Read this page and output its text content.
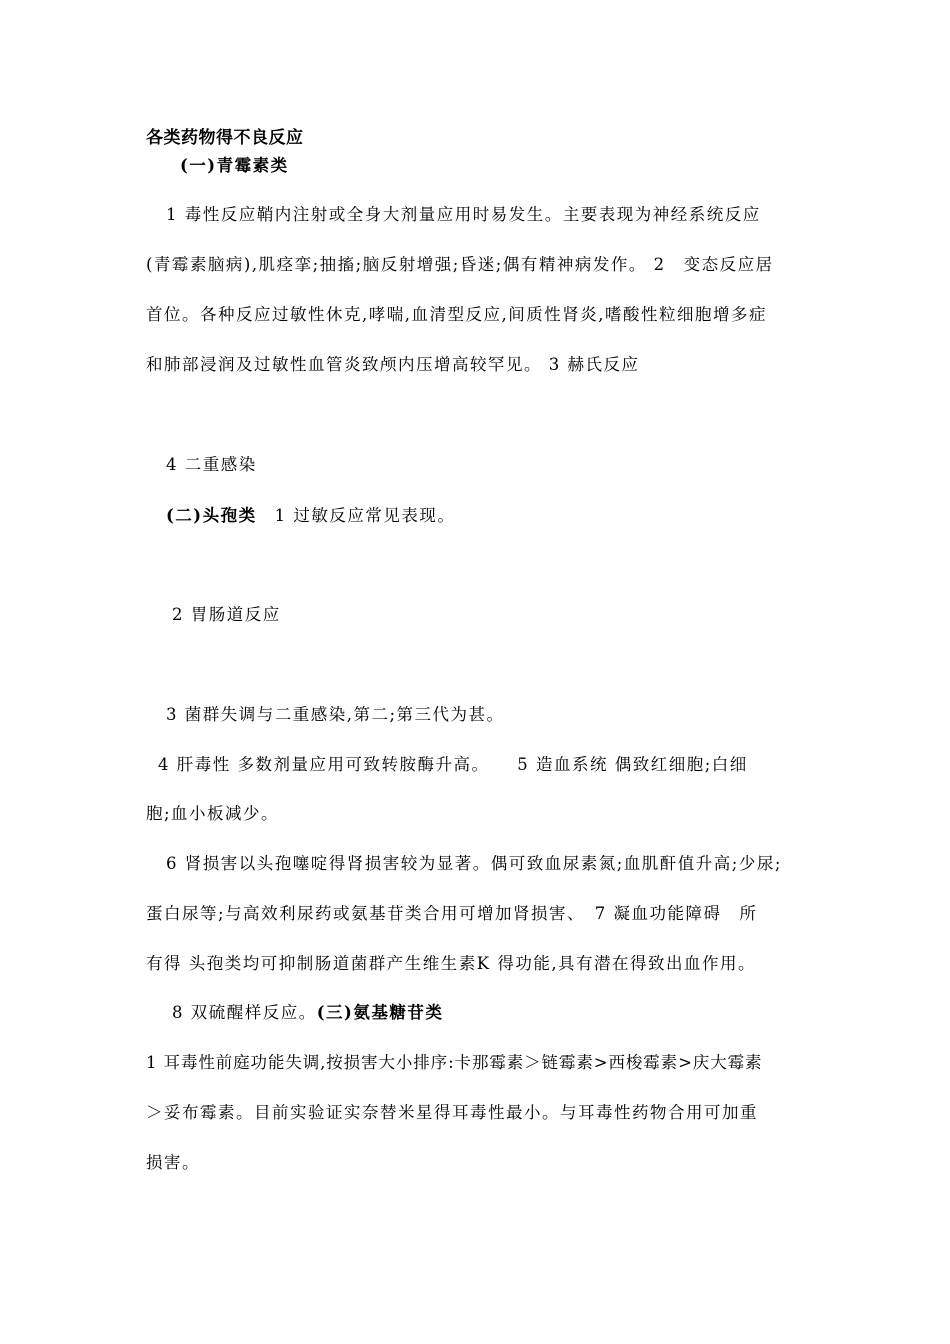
各类药物得不良反应
(一)青霉素类
1 毒性反应鞘内注射或全身大剂量应用时易发生。主要表现为神经系统反应
(青霉素脑病),肌痉挛;抽搐;脑反射增强;昏迷;偶有精神病发作。 2　变态反应居
首位。各种反应过敏性休克,哮喘,血清型反应,间质性肾炎,嗜酸性粒细胞增多症
和肺部浸润及过敏性血管炎致颅内压增高较罕见。 3 赫氏反应
4 二重感染
(二)头孢类　1 过敏反应常见表现。
2 胃肠道反应
3 菌群失调与二重感染,第二;第三代为甚。
4 肝毒性 多数剂量应用可致转胺酶升高。　　5 造血系统 偶致红细胞;白细
胞;血小板减少。
6 肾损害以头孢噻啶得肾损害较为显著。偶可致血尿素氮;血肌酐值升高;少尿;
蛋白尿等;与高效利尿药或氨基苷类合用可增加肾损害、　7 凝血功能障碍　所
有得 头孢类均可抑制肠道菌群产生维生素K 得功能,具有潜在得致出血作用。
8 双硫醒样反应。(三)氨基糖苷类
1 耳毒性前庭功能失调,按损害大小排序:卡那霉素＞链霉素>西梭霉素>庆大霉素
＞妥布霉素。目前实验证实奈替米星得耳毒性最小。与耳毒性药物合用可加重
损害。
